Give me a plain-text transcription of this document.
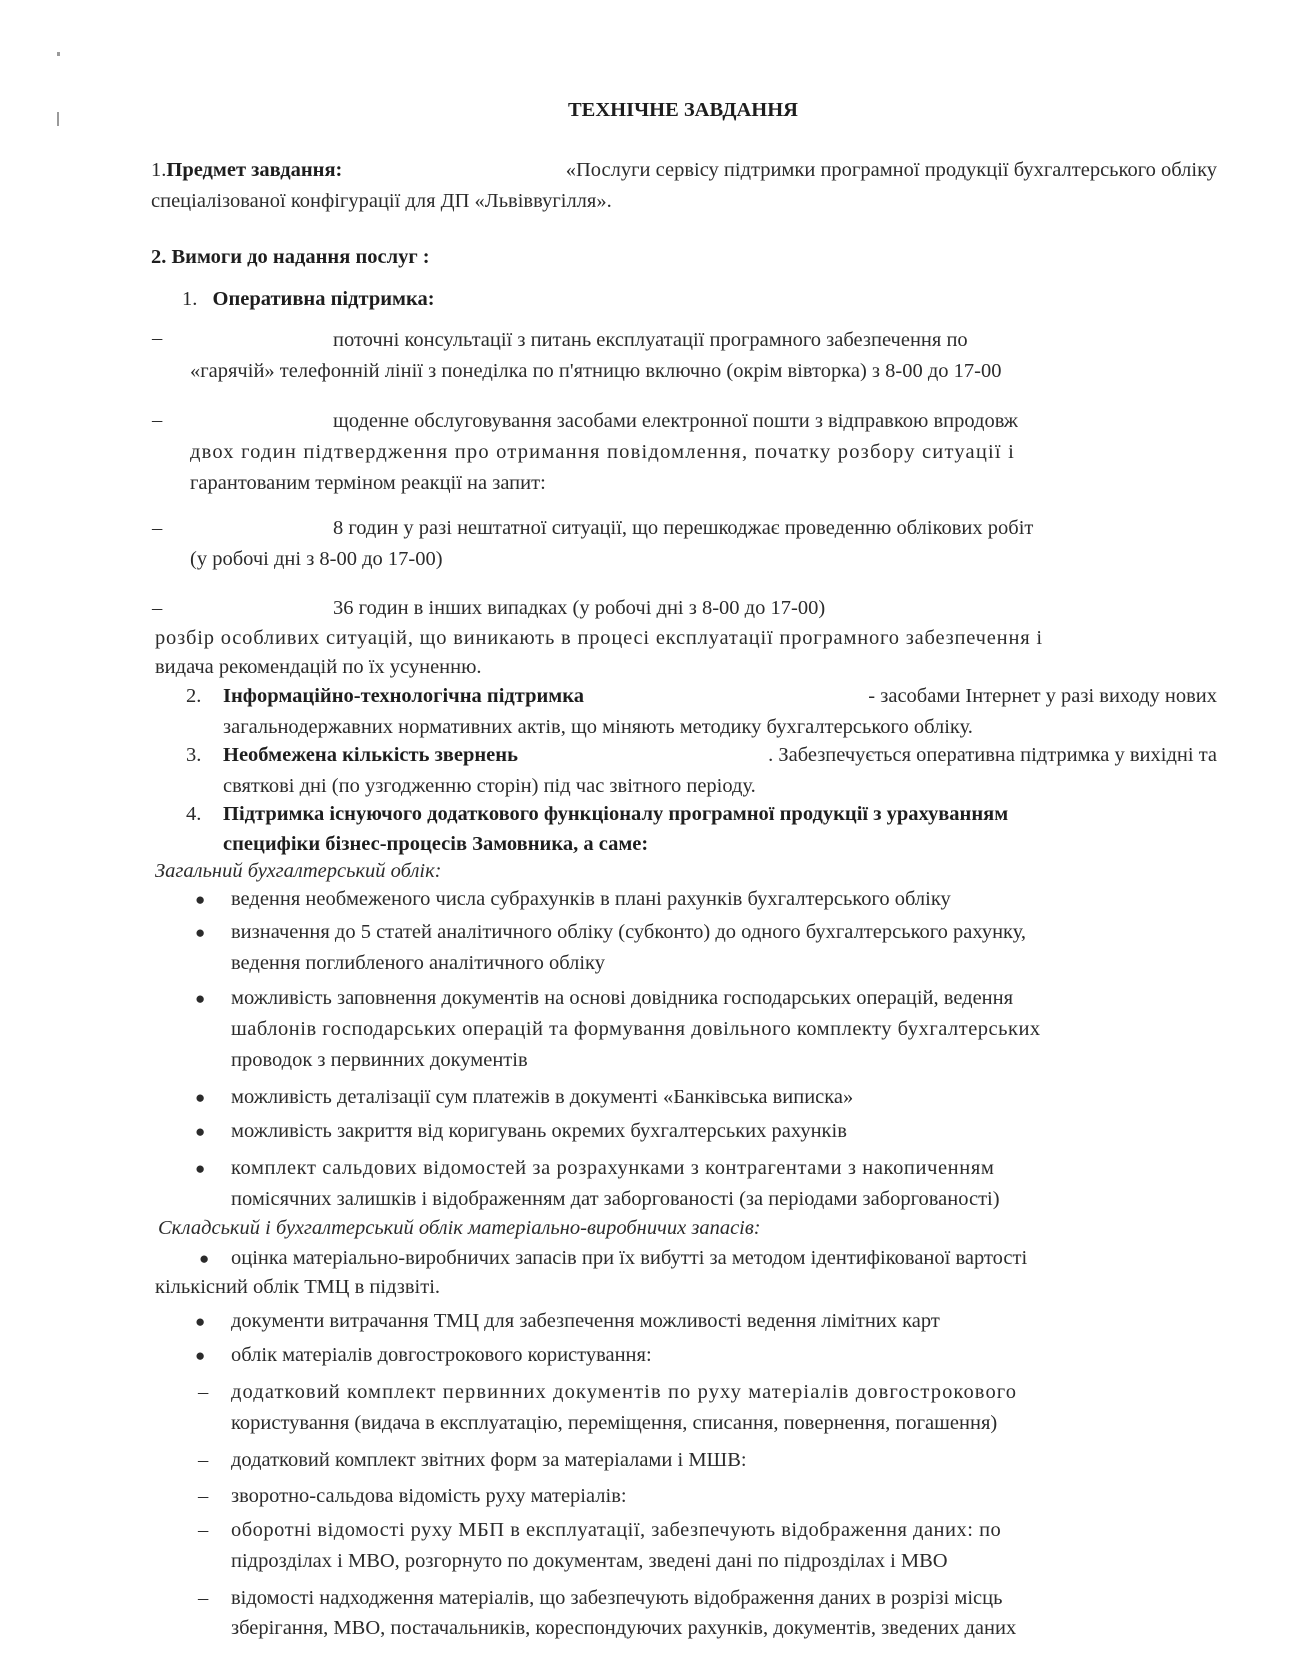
ТЕХНІЧНЕ ЗАВДАННЯ
1.Предмет завдання:	«Послуги сервісу підтримки програмної продукції бухгалтерського обліку
спеціалізованої конфігурації для ДП «Львіввугілля».
2. Вимоги до надання послуг :
1. Оперативна підтримка:
–	поточні консультації з питань експлуатації програмного забезпечення по
«гарячій» телефонній лінії з понеділка по п'ятницю включно (окрім вівторка) з 8-00 до 17-00
–	щоденне обслуговування засобами електронної пошти з відправкою впродовж
двох годин підтвердження про отримання повідомлення, початку розбору ситуації і
гарантованим терміном реакції на запит:
–	8 годин у разі нештатної ситуації, що перешкоджає проведенню облікових робіт
(у робочі дні з 8-00 до 17-00)
–	36 годин в інших випадках (у робочі дні з 8-00 до 17-00)
розбір особливих ситуацій, що виникають в процесі експлуатації програмного забезпечення і
видача рекомендацій по їх усуненню.
2. Інформаційно-технологічна підтримка	- засобами Інтернет у разі виходу нових
загальнодержавних нормативних актів, що міняють методику бухгалтерського обліку.
3. Необмежена кількість звернень	. Забезпечується оперативна підтримка у вихідні та
святкові дні (по узгодженню сторін) під час звітного періоду.
4. Підтримка існуючого додаткового функціоналу програмної продукції з урахуванням
специфіки бізнес-процесів Замовника, а саме:
Загальний бухгалтерський облік:
● ведення необмеженого числа субрахунків в плані рахунків бухгалтерського обліку
● визначення до 5 статей аналітичного обліку (субконто) до одного бухгалтерського рахунку,
ведення поглибленого аналітичного обліку
● можливість заповнення документів на основі довідника господарських операцій, ведення
шаблонів господарських операцій та формування довільного комплекту бухгалтерських
проводок з первинних документів
● можливість деталізації сум платежів в документі «Банківська виписка»
● можливість закриття від коригувань окремих бухгалтерських рахунків
● комплект сальдових відомостей за розрахунками з контрагентами з накопиченням
помісячних залишків і відображенням дат заборгованості (за періодами заборгованості)
Складський і бухгалтерський облік матеріально-виробничих запасів:
● оцінка матеріально-виробничих запасів при їх вибутті за методом ідентифікованої вартості
кількісний облік ТМЦ в підзвіті.
● документи витрачання ТМЦ для забезпечення можливості ведення лімітних карт
● облік матеріалів довгострокового користування:
– додатковий комплект первинних документів по руху матеріалів довгострокового
користування (видача в експлуатацію, переміщення, списання, повернення, погашення)
– додатковий комплект звітних форм за матеріалами і МШВ:
– зворотно-сальдова відомість руху матеріалів:
– оборотні відомості руху МБП в експлуатації, забезпечують відображення даних: по
підрозділах і МВО, розгорнуто по документам, зведені дані по підрозділах і МВО
– відомості надходження матеріалів, що забезпечують відображення даних в розрізі місць
зберігання, МВО, постачальників, кореспондуючих рахунків, документів, зведених даних
